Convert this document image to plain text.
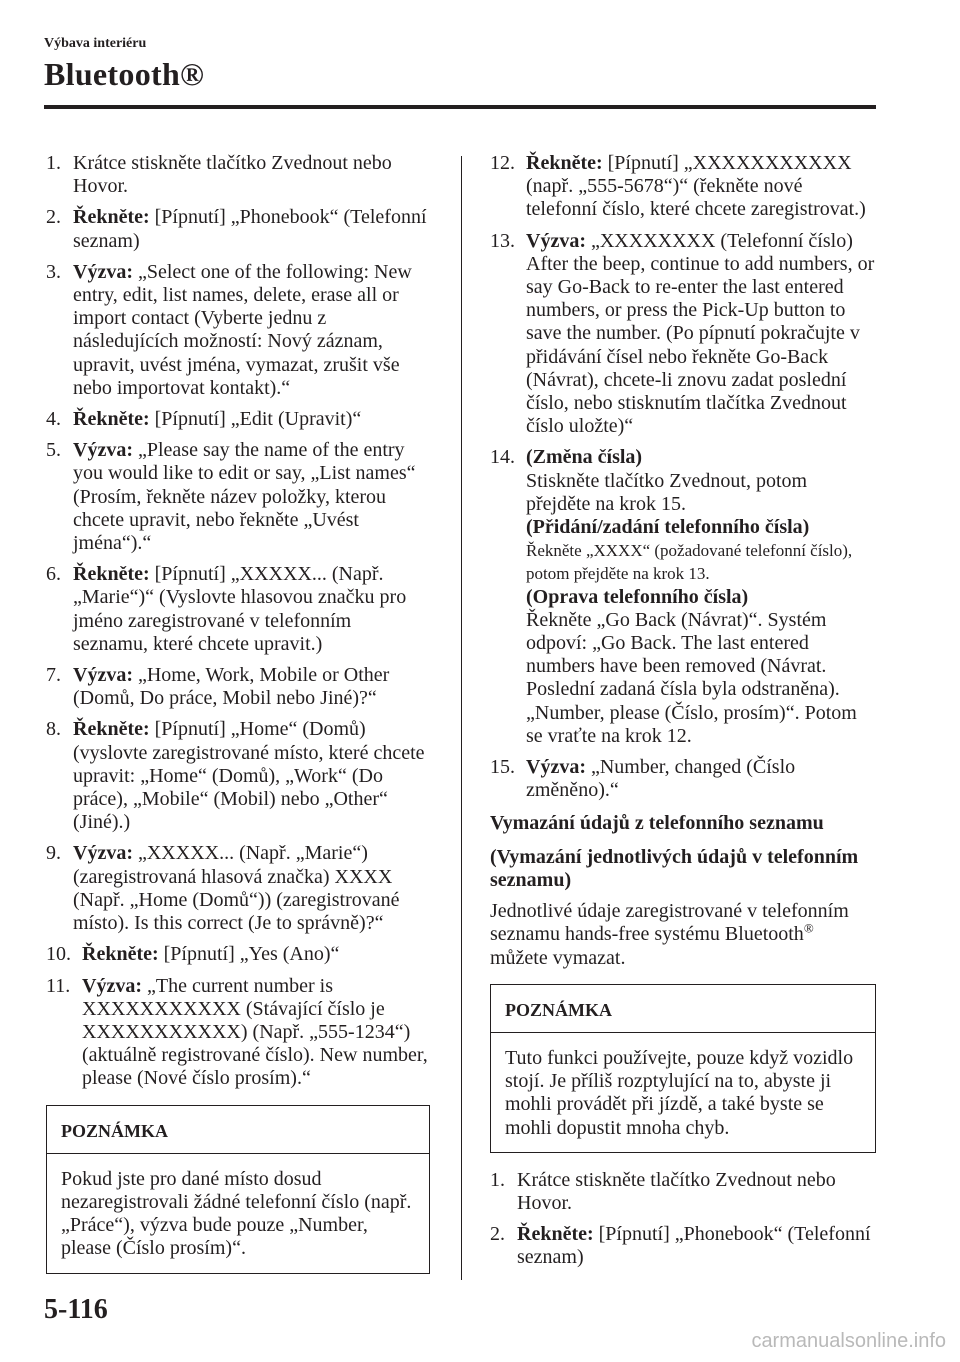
Výbava interiéru
Bluetooth®
1. Krátce stiskněte tlačítko Zvednout nebo Hovor.
2. Řekněte: [Pípnutí] „Phonebook“ (Telefonní seznam)
3. Výzva: „Select one of the following: New entry, edit, list names, delete, erase all or import contact (Vyberte jednu z následujících možností: Nový záznam, upravit, uvést jména, vymazat, zrušit vše nebo importovat kontakt).“
4. Řekněte: [Pípnutí] „Edit (Upravit)“
5. Výzva: „Please say the name of the entry you would like to edit or say, „List names“ (Prosím, řekněte název položky, kterou chcete upravit, nebo řekněte „Uvést jména“).“
6. Řekněte: [Pípnutí] „XXXXX... (Např. „Marie“)“ (Vyslovte hlasovou značku pro jméno zaregistrované v telefonním seznamu, které chcete upravit.)
7. Výzva: „Home, Work, Mobile or Other (Domů, Do práce, Mobil nebo Jiné)?“
8. Řekněte: [Pípnutí] „Home“ (Domů) (vyslovte zaregistrované místo, které chcete upravit: „Home“ (Domů), „Work“ (Do práce), „Mobile“ (Mobil) nebo „Other“ (Jiné).)
9. Výzva: „XXXXX... (Např. „Marie“) (zaregistrovaná hlasová značka) XXXX (Např. „Home (Domů“)) (zaregistrované místo). Is this correct (Je to správně)?“
10. Řekněte: [Pípnutí] „Yes (Ano)“
11. Výzva: „The current number is XXXXXXXXXXX (Stávající číslo je XXXXXXXXXXX) (Např. „555-1234“) (aktuálně registrované číslo). New number, please (Nové číslo prosím).“
POZNÁMKA
Pokud jste pro dané místo dosud nezaregistrovali žádné telefonní číslo (např. „Práce“), výzva bude pouze „Number, please (Číslo prosím)“.
12. Řekněte: [Pípnutí] „XXXXXXXXXXX (např. „555-5678“)“ (řekněte nové telefonní číslo, které chcete zaregistrovat.)
13. Výzva: „XXXXXXXX (Telefonní číslo) After the beep, continue to add numbers, or say Go-Back to re-enter the last entered numbers, or press the Pick-Up button to save the number. (Po pípnutí pokračujte v přidávání čísel nebo řekněte Go-Back (Návrat), chcete-li znovu zadat poslední číslo, nebo stisknutím tlačítka Zvednout číslo uložte)“
14. (Změna čísla)
Stiskněte tlačítko Zvednout, potom přejděte na krok 15.
(Přidání/zadání telefonního čísla)
Řekněte „XXXX“ (požadované telefonní číslo), potom přejděte na krok 13.
(Oprava telefonního čísla)
Řekněte „Go Back (Návrat)“. Systém odpoví: „Go Back. The last entered numbers have been removed (Návrat. Poslední zadaná čísla byla odstraněna). „Number, please (Číslo, prosím)“. Potom se vraťte na krok 12.
15. Výzva: „Number, changed (Číslo změněno).“
Vymazání údajů z telefonního seznamu
(Vymazání jednotlivých údajů v telefonním seznamu)
Jednotlivé údaje zaregistrované v telefonním seznamu hands-free systému Bluetooth® můžete vymazat.
POZNÁMKA
Tuto funkci používejte, pouze když vozidlo stojí. Je příliš rozptylující na to, abyste ji mohli provádět při jízdě, a také byste se mohli dopustit mnoha chyb.
1. Krátce stiskněte tlačítko Zvednout nebo Hovor.
2. Řekněte: [Pípnutí] „Phonebook“ (Telefonní seznam)
5-116
carmanualsonline.info
